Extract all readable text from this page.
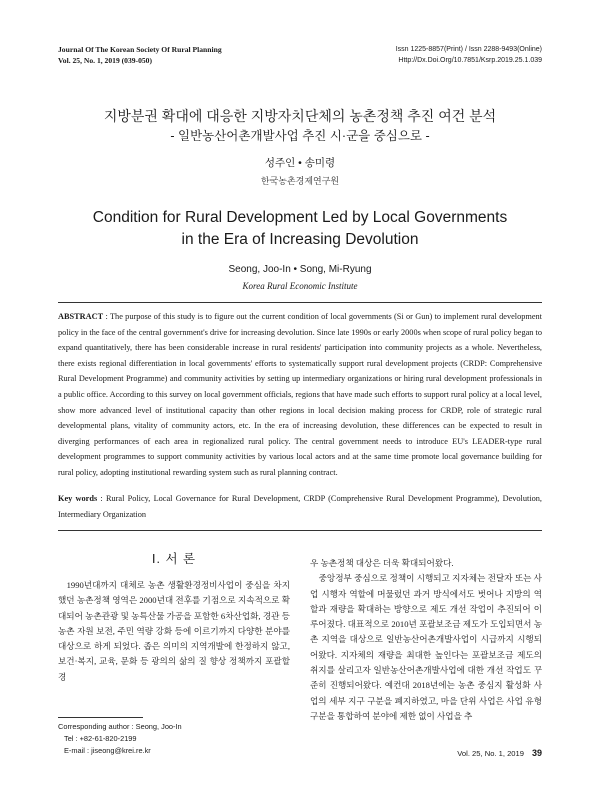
Journal Of The Korean Society Of Rural Planning
Vol. 25, No. 1, 2019 (039-050)
Issn 1225-8857(Print) / Issn 2288-9493(Online)
Http://Dx.Doi.Org/10.7851/Ksrp.2019.25.1.039
지방분권 확대에 대응한 지방자치단체의 농촌정책 추진 여건 분석
- 일반농산어촌개발사업 추진 시·군을 중심으로 -
성주인 • 송미령
한국농촌경제연구원
Condition for Rural Development Led by Local Governments
in the Era of Increasing Devolution
Seong, Joo-In • Song, Mi-Ryung
Korea Rural Economic Institute
ABSTRACT : The purpose of this study is to figure out the current condition of local governments (Si or Gun) to implement rural development policy in the face of the central government's drive for increasing devolution. Since late 1990s or early 2000s when scope of rural policy began to expand quantitatively, there has been considerable increase in rural residents' participation into community projects as a whole. Nevertheless, there exists regional differentiation in local governments' efforts to systematically support rural development projects (CRDP: Comprehensive Rural Development Programme) and community activities by setting up intermediary organizations or hiring rural development professionals in a public office. According to this survey on local government officials, regions that have made such efforts to support rural policy at a local level, show more advanced level of institutional capacity than other regions in local decision making process for CRDP, role of strategic rural developmental plans, vitality of community actors, etc. In the era of increasing devolution, these differences can be expected to result in diverging performances of each area in regionalized rural policy. The central government needs to introduce EU's LEADER-type rural development programmes to support community activities by various local actors and at the same time promote local governance building for rural policy, adopting institutional rewarding system such as rural planning contract.
Key words : Rural Policy, Local Governance for Rural Development, CRDP (Comprehensive Rural Development Programme), Devolution, Intermediary Organization
Ⅰ. 서 론

1990년대까지 대체로 농촌 생활환경정비사업이 중심을 차지했던 농촌정책 영역은 2000년대 전후를 기점으로 지속적으로 확대되어 농촌관광 및 농특산물 가공을 포함한 6차산업화, 경관 등 농촌 자원 보전, 주민 역량 강화 등에 이르기까지 다양한 분야를 대상으로 하게 되었다. 좁은 의미의 지역개발에 한정하지 않고, 보건·복지, 교육, 문화 등 광의의 삶의 질 향상 정책까지 포괄할 경

우 농촌정책 대상은 더욱 확대되어왔다.

중앙정부 중심으로 정책이 시행되고 지자체는 전달자 또는 사업 시행자 역할에 머물렀던 과거 방식에서도 벗어나 지방의 역할과 재량을 확대하는 방향으로 제도 개선 작업이 추진되어 이루어졌다. 대표적으로 2010년 포괄보조금 제도가 도입되면서 농촌 지역을 대상으로 일반농산어촌개발사업이 시급까지 시행되어왔다. 지자체의 재량을 최대한 높인다는 포괄보조금 제도의 취지를 살리고자 일반농산어촌개발사업에 대한 개선 작업도 꾸준히 진행되어왔다. 예컨대 2018년에는 농촌 중심지 활성화 사업의 세부 지구 구분을 폐지하였고, 마을 단위 사업은 사업 유형 구분을 통합하여 분야에 제한 없이 사업을 추

Corresponding author : Seong, Joo-In
Tel : +82-61-820-2199
E-mail : jiseong@krei.re.kr	Vol. 25, No. 1, 2019 39
